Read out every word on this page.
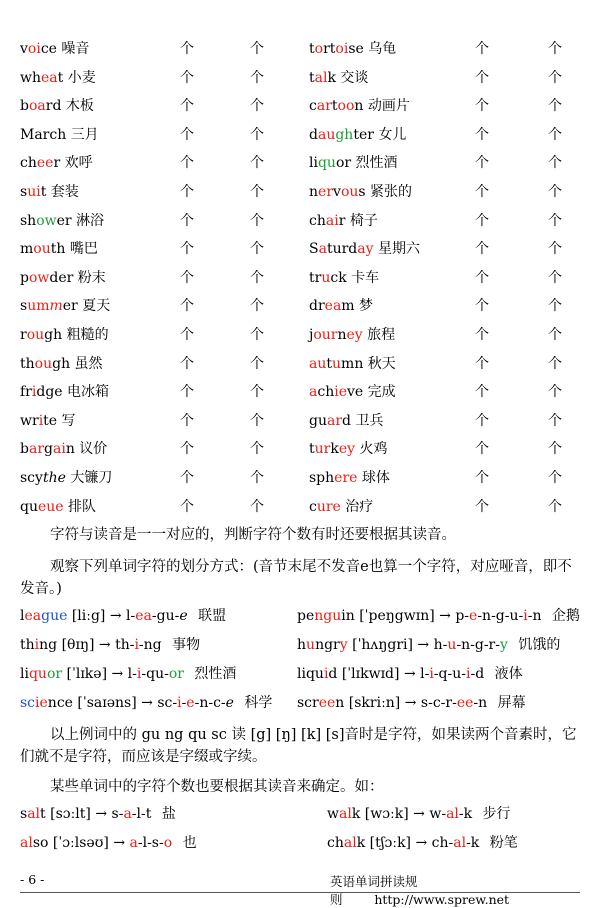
voice 噪音	个	个	tortoise 乌龟	个	个
wheat 小麦	个	个	talk 交谈	个	个
board 木板	个	个	cartoon 动画片	个	个
March 三月	个	个	daughter 女儿	个	个
cheer 欢呼	个	个	liquor 烈性酒	个	个
suit 套装	个	个	nervous 紧张的	个	个
shower 淋浴	个	个	chair 椅子	个	个
mouth 嘴巴	个	个	Saturday 星期六	个	个
powder 粉末	个	个	truck 卡车	个	个
summer 夏天	个	个	dream 梦	个	个
rough 粗糙的	个	个	journey 旅程	个	个
though 虽然	个	个	autumn 秋天	个	个
fridge 电冰箱	个	个	achieve 完成	个	个
write 写	个	个	guard 卫兵	个	个
bargain 议价	个	个	turkey 火鸡	个	个
scythe 大镰刀	个	个	sphere 球体	个	个
queue 排队	个	个	cure 治疗	个	个
字符与读音是一一对应的，判断字符个数有时还要根据其读音。
观察下列单词字符的划分方式：(音节末尾不发音e也算一个字符，对应哑音，即不发音。)
league [liːg] → l-ea-gu-e 联盟	penguin [ˈpeŋgwɪn] → p-e-n-g-u-i-n 企鹅
thing [θɪŋ] → th-i-ng 事物	hungry [ˈhʌŋgri] → h-u-n-g-r-y 饥饿的
liquor [ˈlɪkə] → l-i-qu-or 烈性酒	liquid [ˈlɪkwɪd] → l-i-q-u-i-d 液体
science [ˈsaɪəns] → sc-i-e-n-c-e 科学 screen [skriːn] → s-c-r-ee-n 屏幕
以上例词中的 gu ng qu sc 读 [g] [ŋ] [k] [s]音时是字符，如果读两个音素时，它们就不是字符，而应该是字缀或字续。
某些单词中的字符个数也要根据其读音来确定。如：
salt [sɔːlt] → s-a-l-t 盐	walk [wɔːk] → w-al-k 步行
also [ˈɔːlsəʊ] → a-l-s-o 也	chalk [tʃɔːk] → ch-al-k 粉笔
- 6 -	英语单词拼读规则	http://www.sprew.net
